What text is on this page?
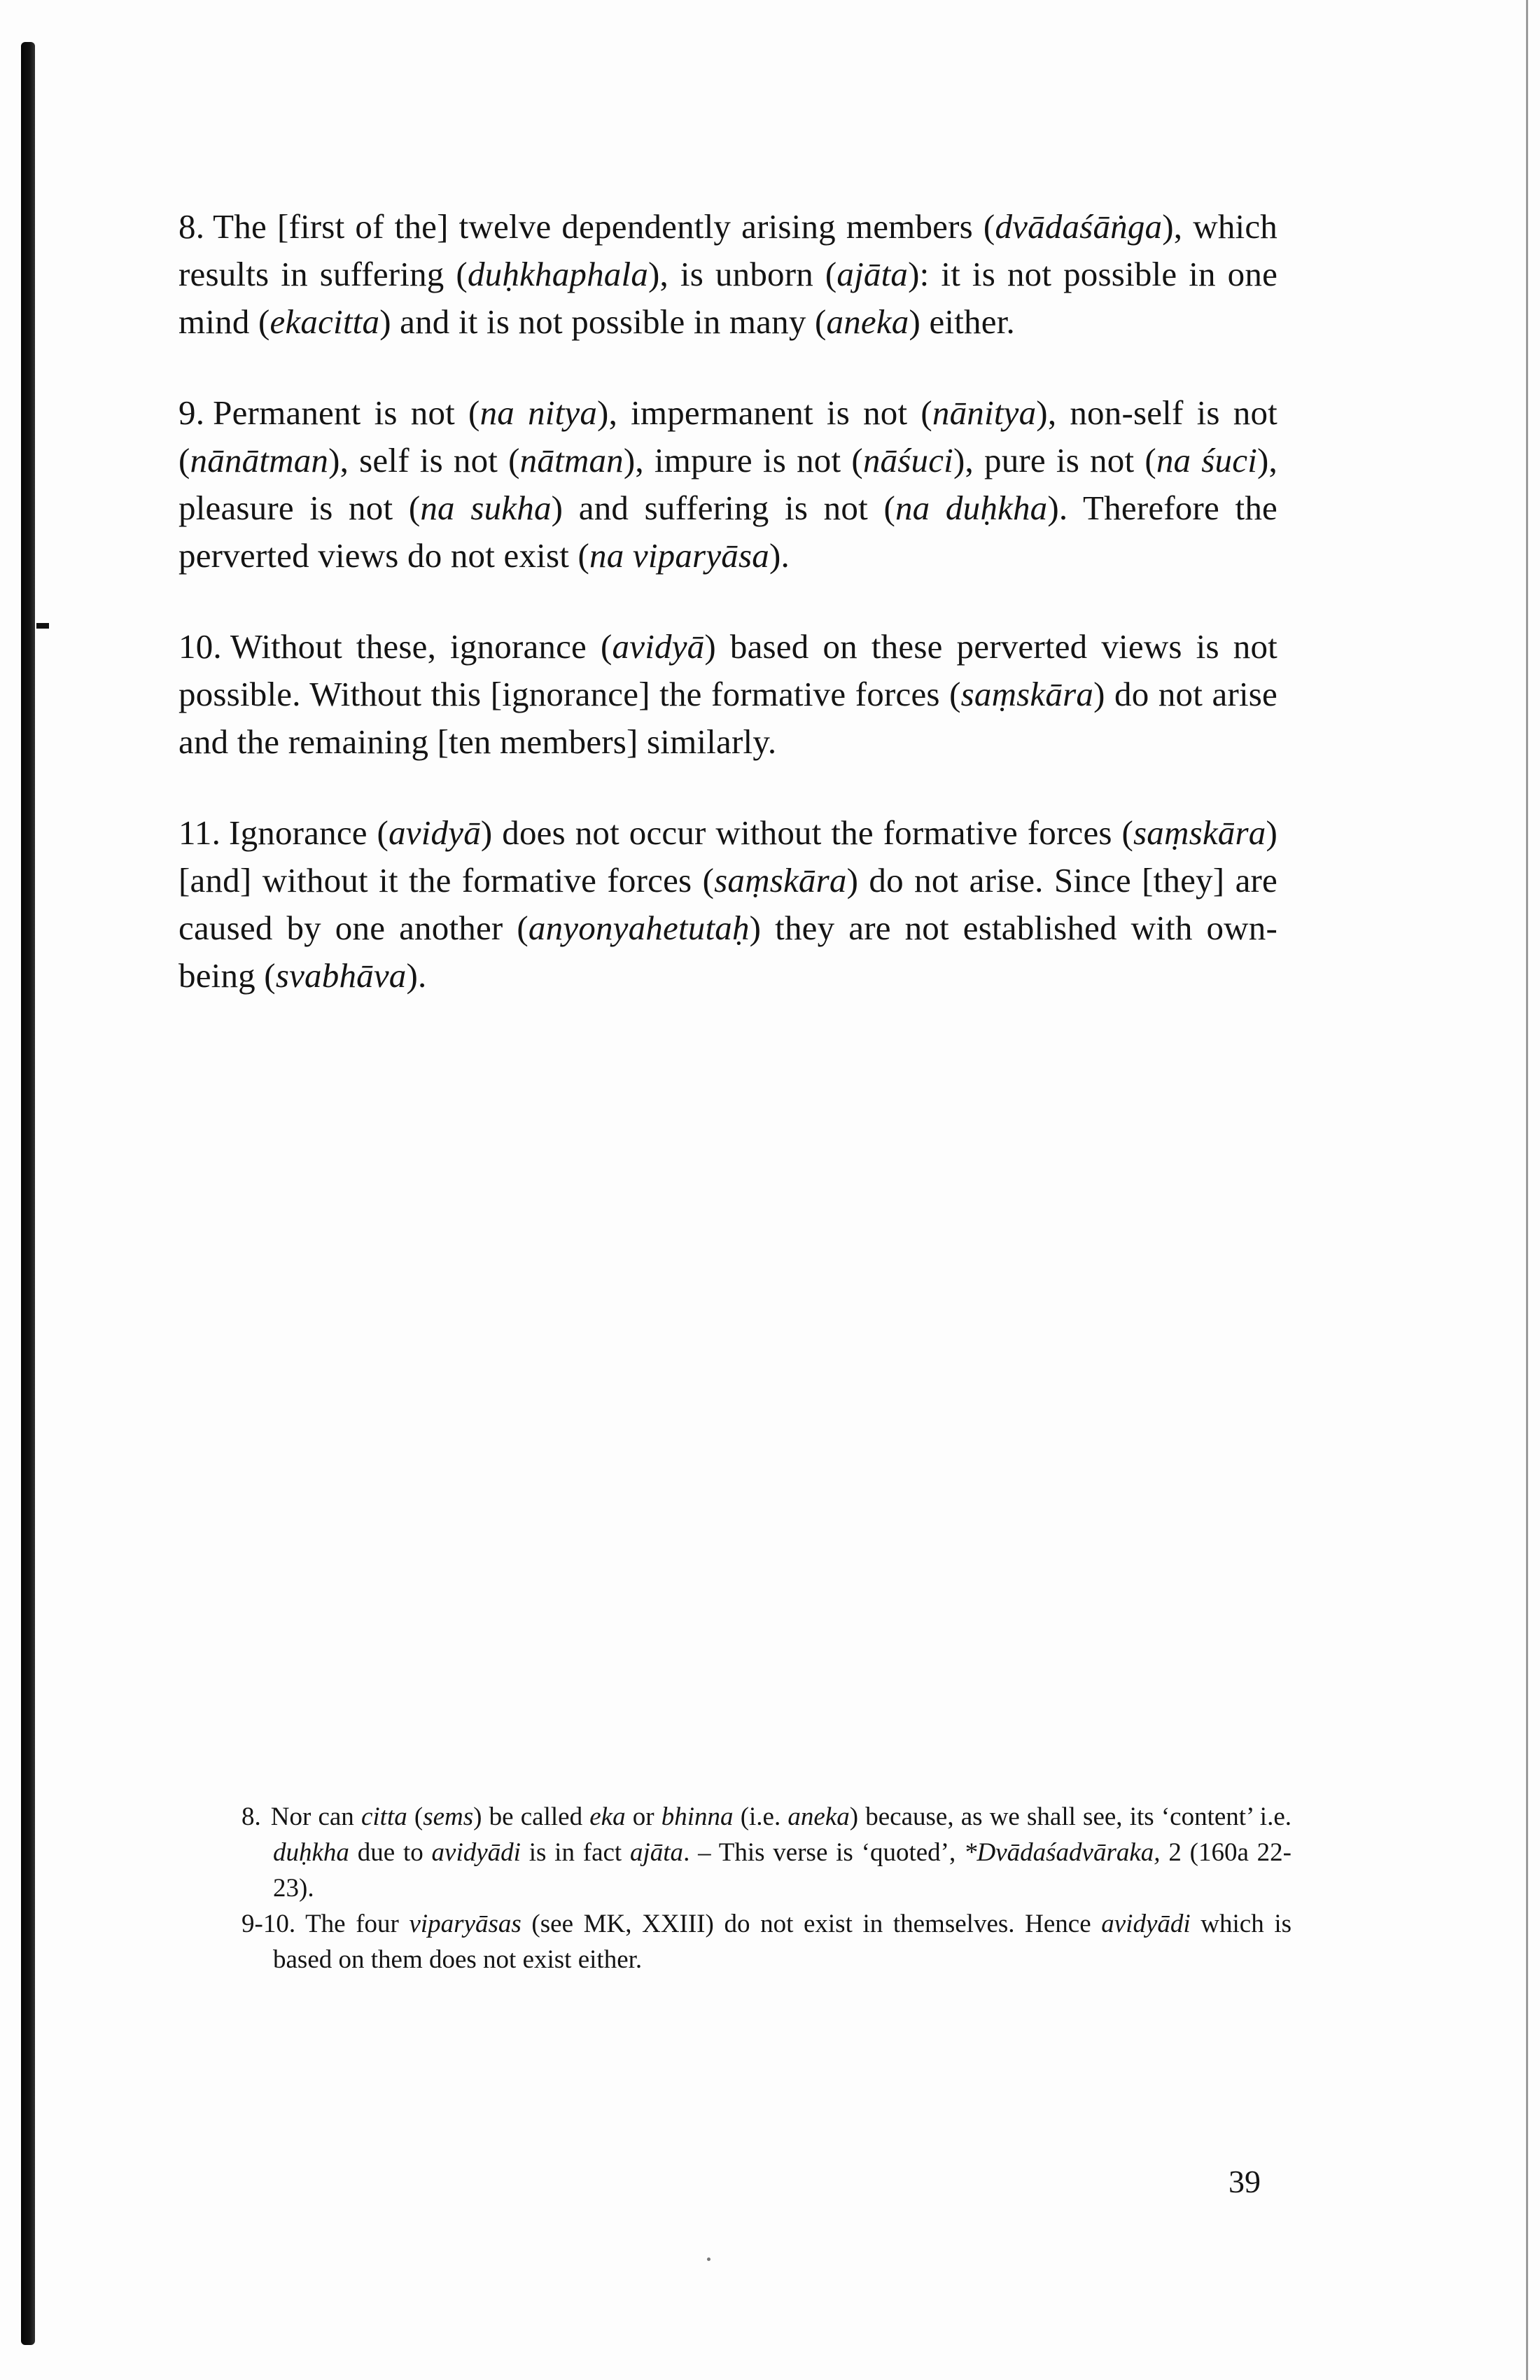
8. The [first of the] twelve dependently arising members (dvādaśāṅga), which results in suffering (duḥkhaphala), is unborn (ajāta): it is not possible in one mind (ekacitta) and it is not possible in many (aneka) either.

9. Permanent is not (na nitya), impermanent is not (nānitya), non-self is not (nānātman), self is not (nātman), impure is not (nāśuci), pure is not (na śuci), pleasure is not (na sukha) and suffering is not (na duḥkha). Therefore the perverted views do not exist (na viparyāsa).

10. Without these, ignorance (avidyā) based on these perverted views is not possible. Without this [ignorance] the formative forces (saṃskāra) do not arise and the remaining [ten members] similarly.

11. Ignorance (avidyā) does not occur without the formative forces (saṃskāra) [and] without it the formative forces (saṃskāra) do not arise. Since [they] are caused by one another (anyonyahetutaḥ) they are not established with own-being (svabhāva).

8. Nor can citta (sems) be called eka or bhinna (i.e. aneka) because, as we shall see, its ‘content’ i.e. duḥkha due to avidyādi is in fact ajāta. – This verse is ‘quoted’, *Dvādaśadvāraka, 2 (160a 22-23).

9-10. The four viparyāsas (see MK, XXIII) do not exist in themselves. Hence avidyādi which is based on them does not exist either.

39
